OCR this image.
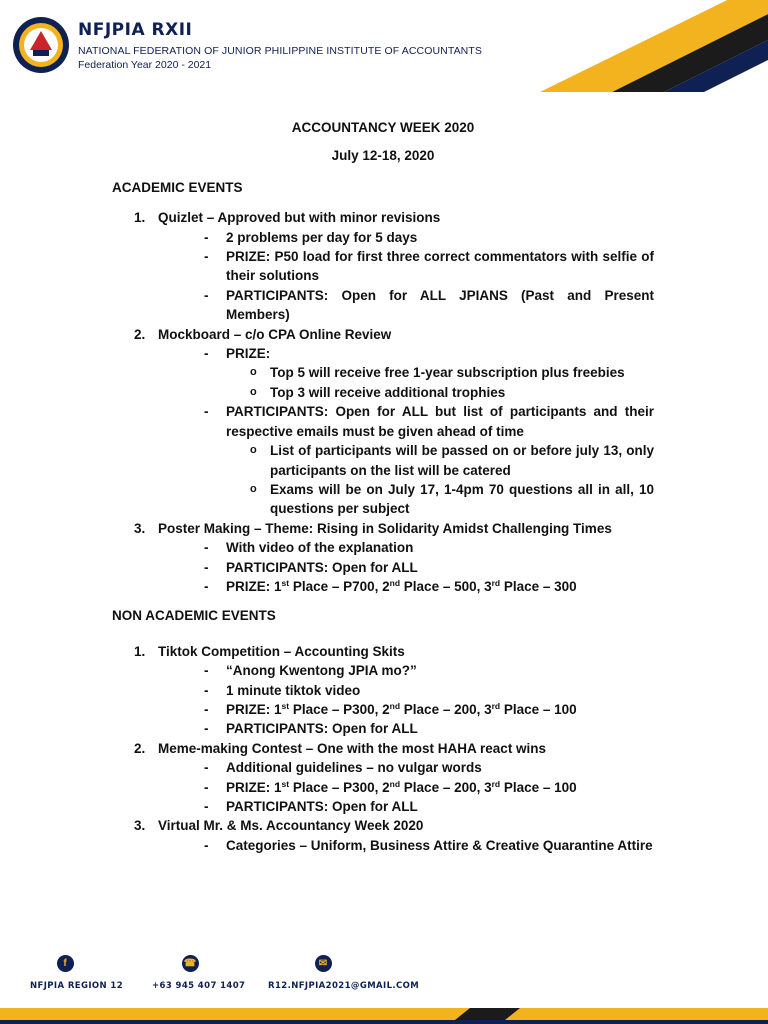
NFJPIA RXII
NATIONAL FEDERATION OF JUNIOR PHILIPPINE INSTITUTE OF ACCOUNTANTS
Federation Year 2020 - 2021
ACCOUNTANCY WEEK 2020
July 12-18, 2020
ACADEMIC EVENTS
1. Quizlet – Approved but with minor revisions
- 2 problems per day for 5 days
- PRIZE: P50 load for first three correct commentators with selfie of their solutions
- PARTICIPANTS: Open for ALL JPIANS (Past and Present Members)
2. Mockboard – c/o CPA Online Review
- PRIZE:
o Top 5 will receive free 1-year subscription plus freebies
o Top 3 will receive additional trophies
- PARTICIPANTS: Open for ALL but list of participants and their respective emails must be given ahead of time
o List of participants will be passed on or before july 13, only participants on the list will be catered
o Exams will be on July 17, 1-4pm 70 questions all in all, 10 questions per subject
3. Poster Making – Theme: Rising in Solidarity Amidst Challenging Times
- With video of the explanation
- PARTICIPANTS: Open for ALL
- PRIZE: 1st Place – P700, 2nd Place – 500, 3rd Place – 300
NON ACADEMIC EVENTS
1. Tiktok Competition – Accounting Skits
- “Anong Kwentong JPIA mo?”
- 1 minute tiktok video
- PRIZE: 1st Place – P300, 2nd Place – 200, 3rd Place – 100
- PARTICIPANTS: Open for ALL
2. Meme-making Contest – One with the most HAHA react wins
- Additional guidelines – no vulgar words
- PRIZE: 1st Place – P300, 2nd Place – 200, 3rd Place – 100
- PARTICIPANTS: Open for ALL
3. Virtual Mr. & Ms. Accountancy Week 2020
- Categories – Uniform, Business Attire & Creative Quarantine Attire
f
NFJPIA REGION 12
☎
+63 945 407 1407
✉
R12.NFJPIA2021@GMAIL.COM
